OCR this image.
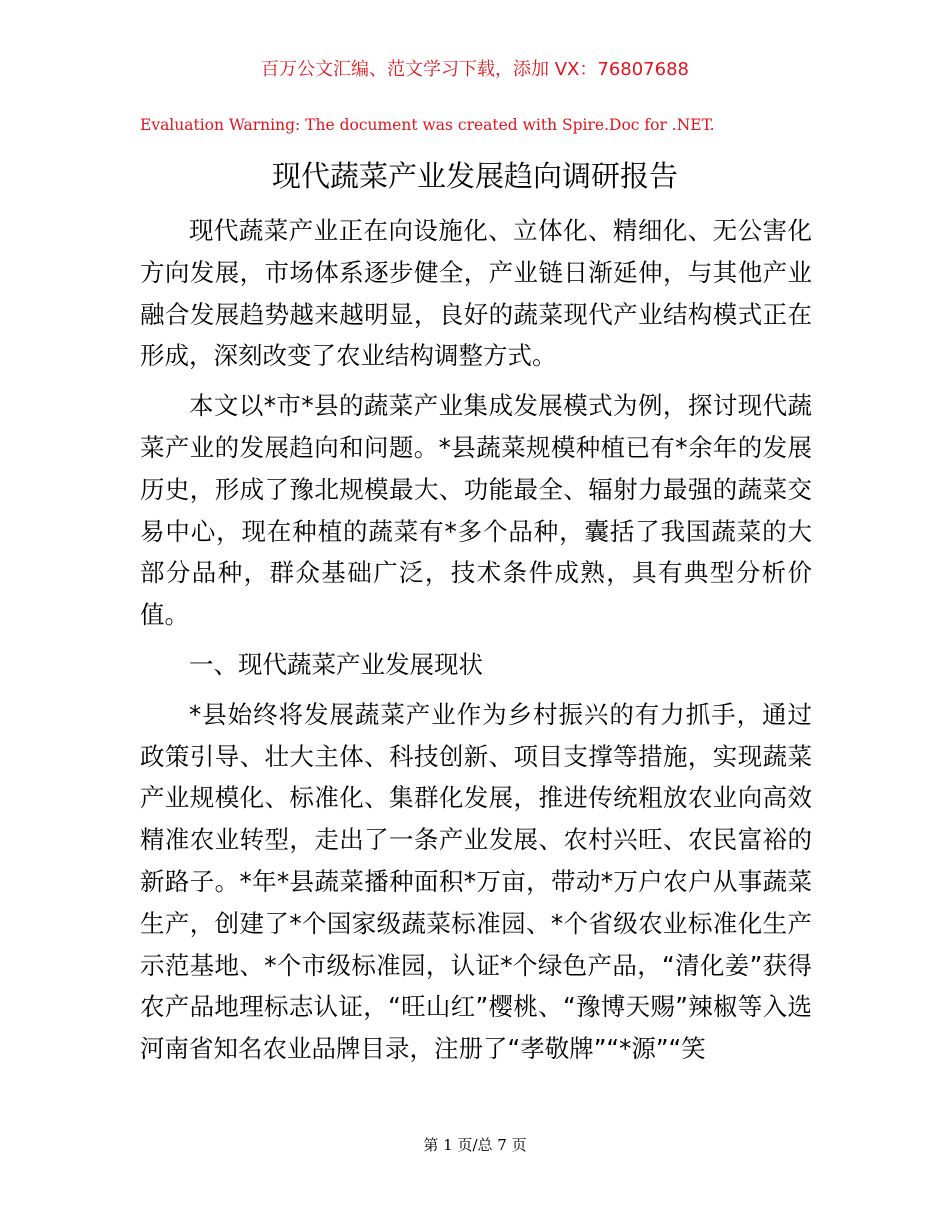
百万公文汇编、范文学习下载，添加 VX：76807688
Evaluation Warning: The document was created with Spire.Doc for .NET.
现代蔬菜产业发展趋向调研报告

现代蔬菜产业正在向设施化、立体化、精细化、无公害化方向发展，市场体系逐步健全，产业链日渐延伸，与其他产业融合发展趋势越来越明显，良好的蔬菜现代产业结构模式正在形成，深刻改变了农业结构调整方式。

本文以*市*县的蔬菜产业集成发展模式为例，探讨现代蔬菜产业的发展趋向和问题。*县蔬菜规模种植已有*余年的发展历史，形成了豫北规模最大、功能最全、辐射力最强的蔬菜交易中心，现在种植的蔬菜有*多个品种，囊括了我国蔬菜的大部分品种，群众基础广泛，技术条件成熟，具有典型分析价值。

一、现代蔬菜产业发展现状

*县始终将发展蔬菜产业作为乡村振兴的有力抓手，通过政策引导、壮大主体、科技创新、项目支撑等措施，实现蔬菜产业规模化、标准化、集群化发展，推进传统粗放农业向高效精准农业转型，走出了一条产业发展、农村兴旺、农民富裕的新路子。*年*县蔬菜播种面积*万亩，带动*万户农户从事蔬菜生产，创建了*个国家级蔬菜标准园、*个省级农业标准化生产示范基地、*个市级标准园，认证*个绿色产品，“清化姜”获得农产品地理标志认证，“旺山红”樱桃、“豫博天赐”辣椒等入选河南省知名农业品牌目录，注册了“孝敬牌”“*源”“笑

第 1 页/总 7 页
